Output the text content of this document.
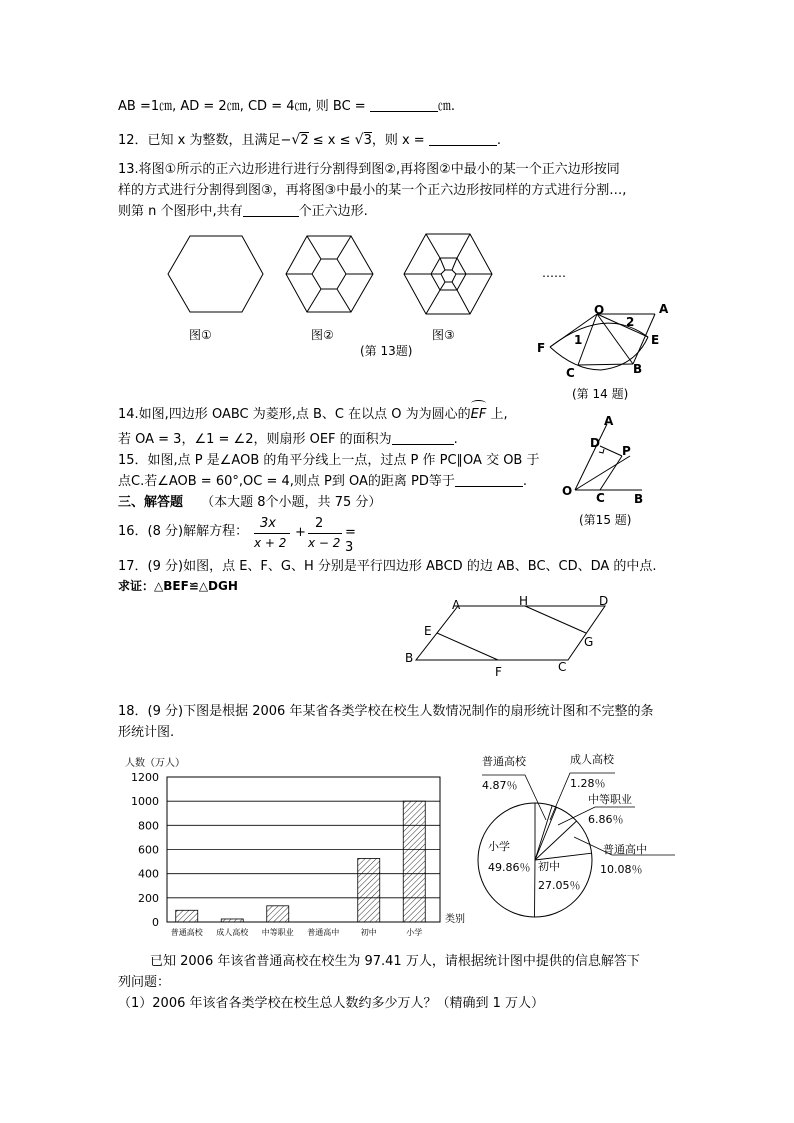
AB =1㎝, AD = 2㎝, CD = 4㎝, 则 BC =	㎝.
12．已知 x 为整数，且满足−√2 ≤ x ≤ √3，则 x =	.
13.将图①所示的正六边形进行进行分割得到图②,再将图②中最小的某一个正六边形按同
样的方式进行分割得到图③，再将图③中最小的某一个正六边形按同样的方式进行分割…,
则第 n 个图形中,共有	个正六边形.
图①	图②	图③
……
(第 13题)
O	A
2
1	E
F
C	B
(第 14 题)
14.如图,四边形 OABC 为菱形,点 B、C 在以点 O 为为圆心的
EF 上,
若 OA = 3，∠1 = ∠2，则扇形 OEF 的面积为	.
15．如图,点 P 是∠AOB 的角平分线上一点，过点 P 作 PC∥OA 交 OB 于
点C.若∠AOB = 60°,OC = 4,则点 P到 OA的距离 PD等于	.
A
D
P
O C B
(第15 题)
三、解答题 （本大题 8个小题，共 75 分）
16．(8 分)解解方程：
3x
x + 2
+
2
x − 2
= 3
17．(9 分)如图，点 E、F、G、H 分别是平行四边形 ABCD 的边 AB、BC、CD、DA 的中点.
求证：△BEF≌△DGH
A	H	D
E
G
B
F	C
18．(9 分)下图是根据 2006 年某省各类学校在校生人数情况制作的扇形统计图和不完整的条
形统计图.
人数（万人）
类别
0
200
400
600
800
1000
1200
普通高校 成人高校 中等职业 普通高中	初中	小学
普通高校
4.87％
成人高校
1.28％
中等职业
6.86％
普通高中
10.08％
初中
27.05％
小学
49.86％
已知 2006 年该省普通高校在校生为 97.41 万人，请根据统计图中提供的信息解答下
列问题：
（1）2006 年该省各类学校在校生总人数约多少万人？（精确到 1 万人）
